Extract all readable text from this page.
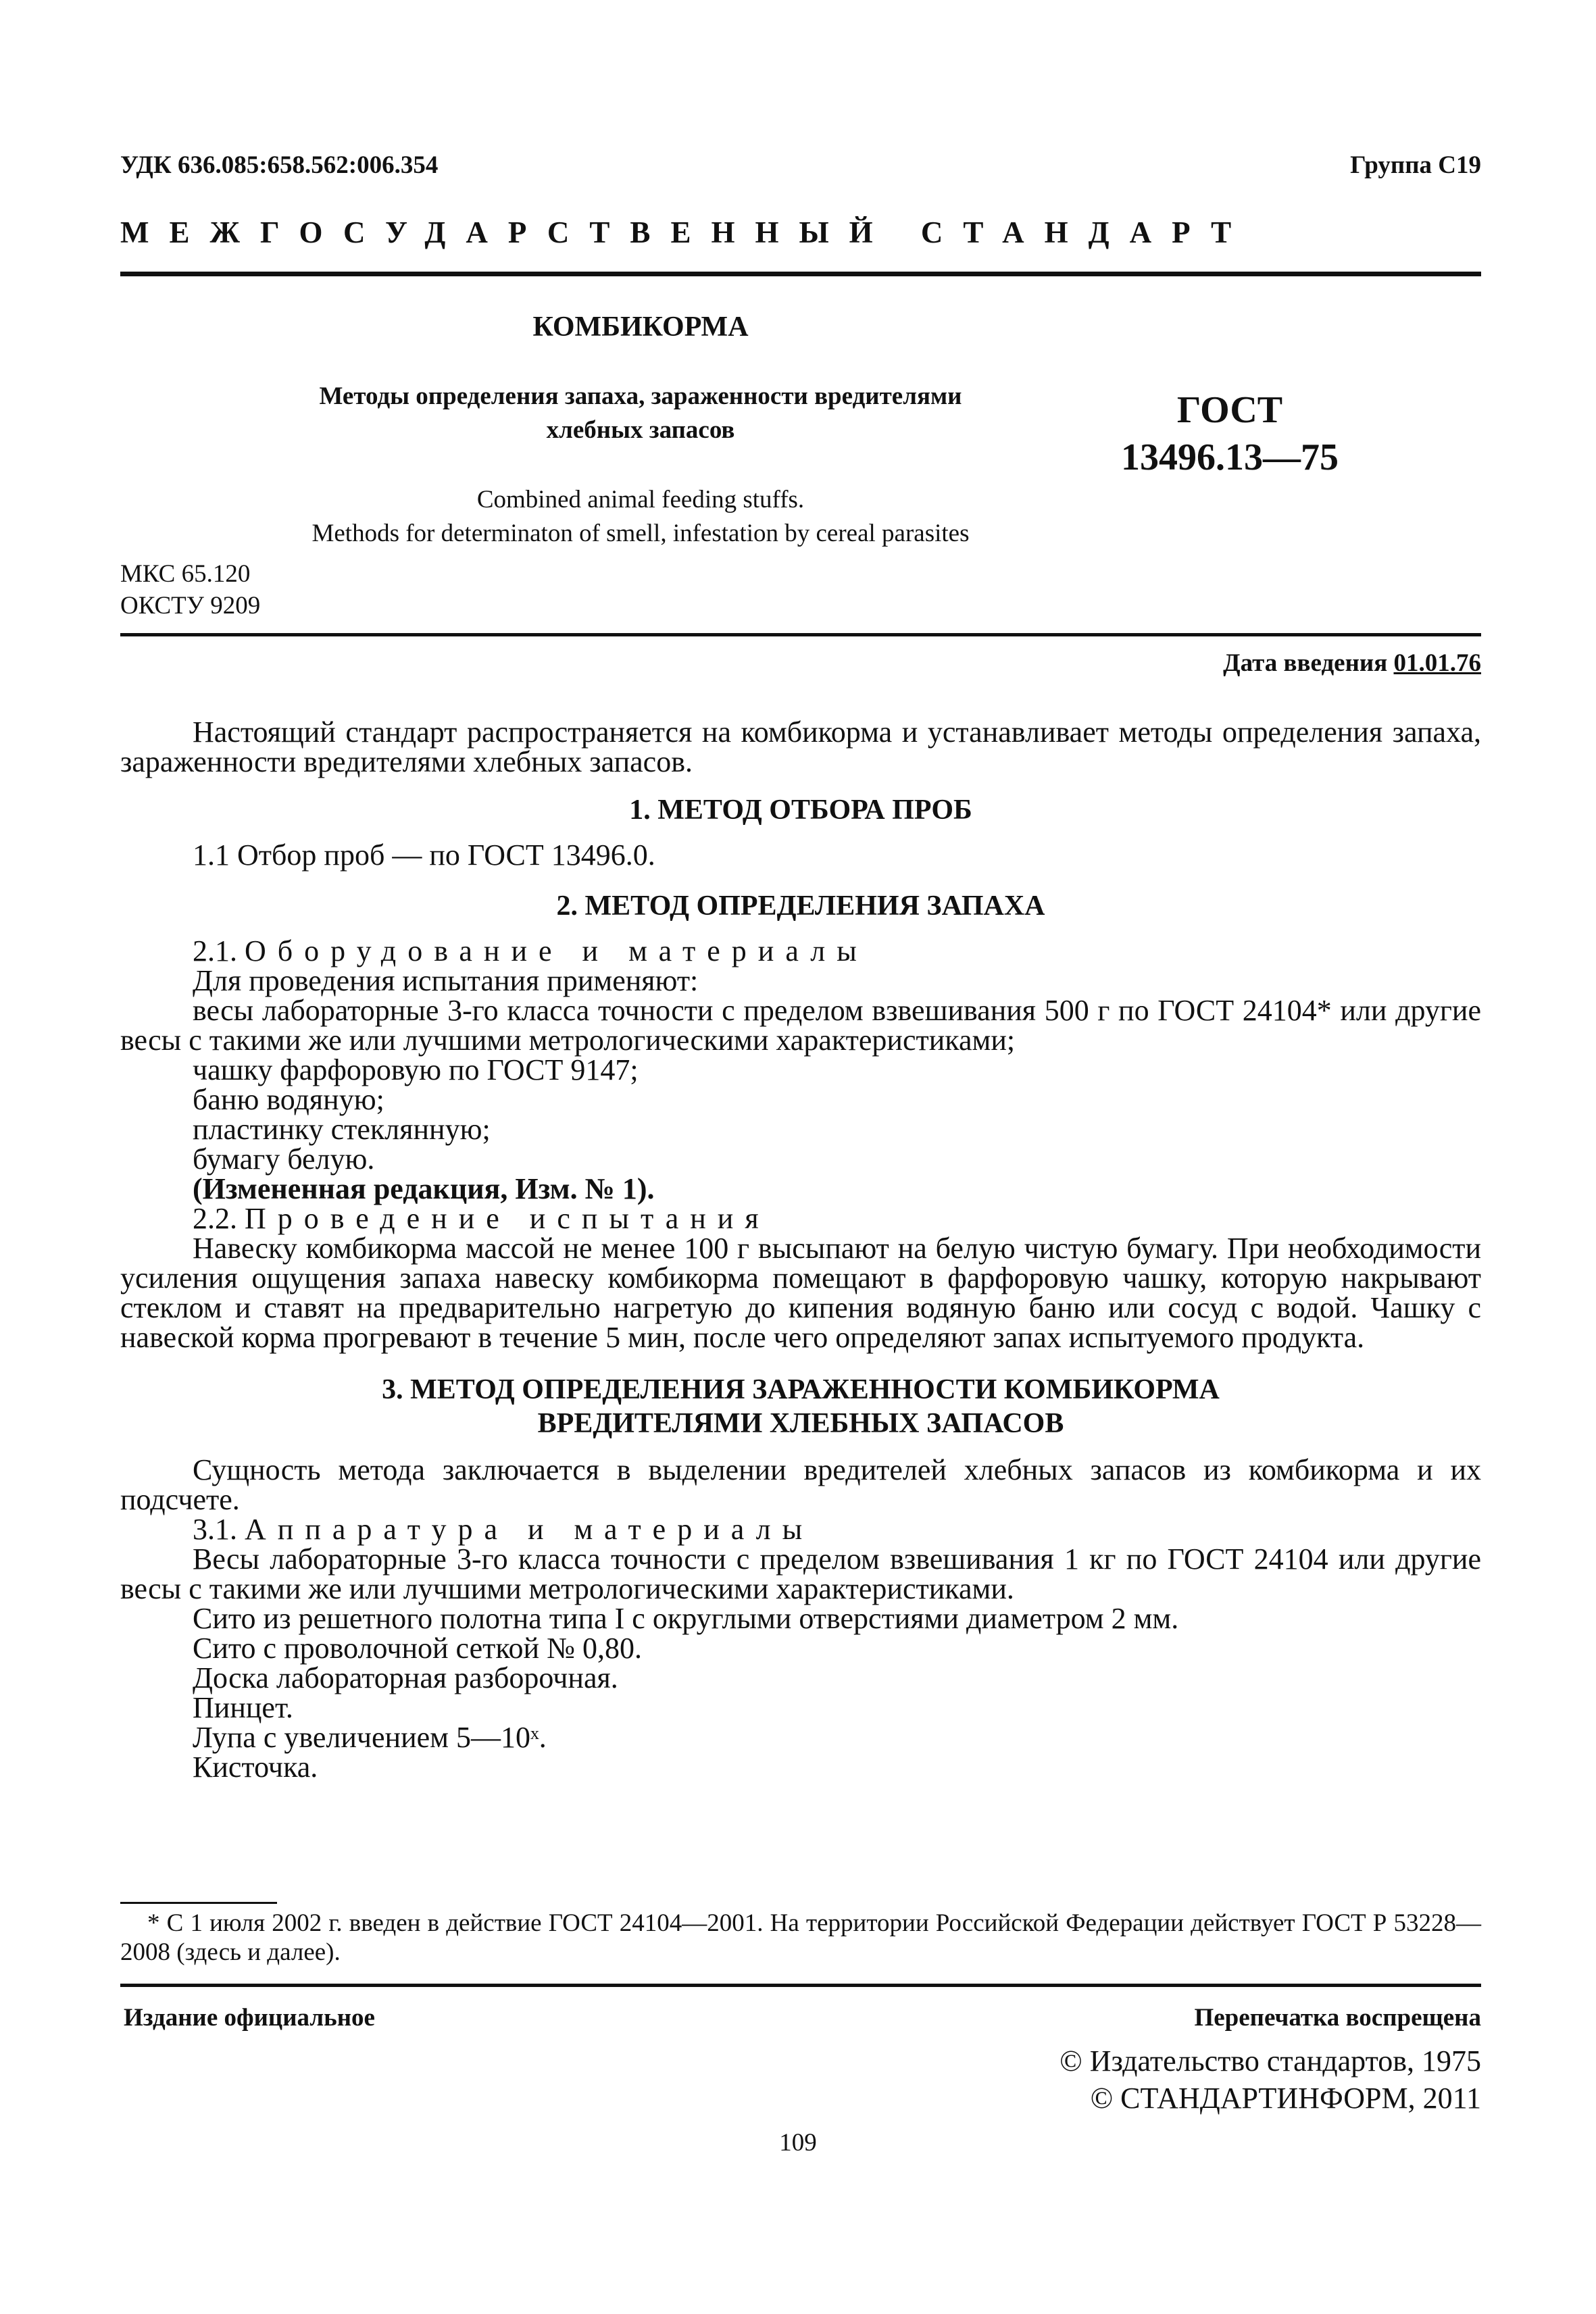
УДК 636.085:658.562:006.354	Группа С19
МЕЖГОСУДАРСТВЕННЫЙ СТАНДАРТ
КОМБИКОРМА
Методы определения запаха, зараженности вредителями
хлебных запасов
Combined animal feeding stuffs.
Methods for determinaton of smell, infestation by cereal parasites
ГОСТ
13496.13—75
МКС 65.120
ОКСТУ 9209
Дата введения 01.01.76
Настоящий стандарт распространяется на комбикорма и устанавливает методы определения запаха, зараженности вредителями хлебных запасов.
1. МЕТОД ОТБОРА ПРОБ
1.1 Отбор проб — по ГОСТ 13496.0.
2. МЕТОД ОПРЕДЕЛЕНИЯ ЗАПАХА
2.1. Оборудование и материалы
Для проведения испытания применяют:
весы лабораторные 3-го класса точности с пределом взвешивания 500 г по ГОСТ 24104* или другие весы с такими же или лучшими метрологическими характеристиками;
чашку фарфоровую по ГОСТ 9147;
баню водяную;
пластинку стеклянную;
бумагу белую.
(Измененная редакция, Изм. № 1).
2.2. Проведение испытания
Навеску комбикорма массой не менее 100 г высыпают на белую чистую бумагу. При необходимости усиления ощущения запаха навеску комбикорма помещают в фарфоровую чашку, которую накрывают стеклом и ставят на предварительно нагретую до кипения водяную баню или сосуд с водой. Чашку с навеской корма прогревают в течение 5 мин, после чего определяют запах испытуемого продукта.
3. МЕТОД ОПРЕДЕЛЕНИЯ ЗАРАЖЕННОСТИ КОМБИКОРМА
ВРЕДИТЕЛЯМИ ХЛЕБНЫХ ЗАПАСОВ
Сущность метода заключается в выделении вредителей хлебных запасов из комбикорма и их подсчете.
3.1. Аппаратура и материалы
Весы лабораторные 3-го класса точности с пределом взвешивания 1 кг по ГОСТ 24104 или другие весы с такими же или лучшими метрологическими характеристиками.
Сито из решетного полотна типа I с округлыми отверстиями диаметром 2 мм.
Сито с проволочной сеткой № 0,80.
Доска лабораторная разборочная.
Пинцет.
Лупа с увеличением 5—10ˣ.
Кисточка.
* С 1 июля 2002 г. введен в действие ГОСТ 24104—2001. На территории Российской Федерации действует ГОСТ Р 53228—2008 (здесь и далее).
Издание официальное	Перепечатка воспрещена
© Издательство стандартов, 1975
© СТАНДАРТИНФОРМ, 2011
109
